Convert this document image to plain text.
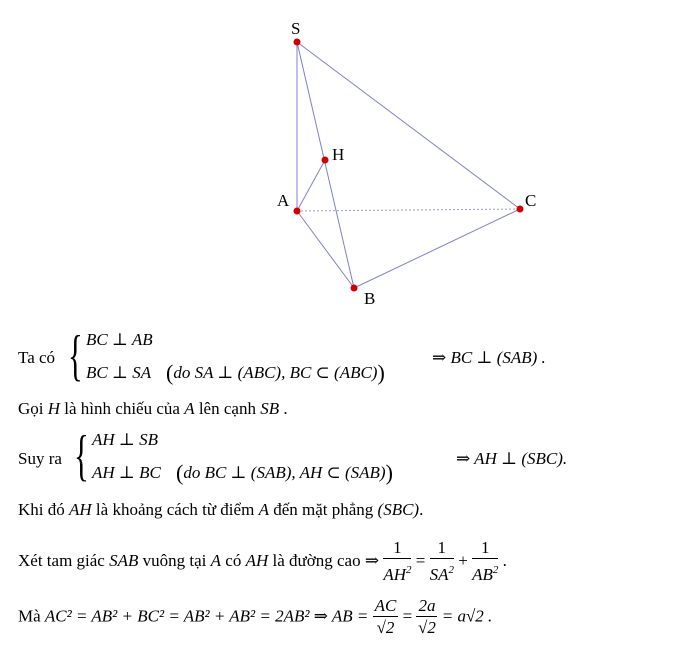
S
H
A	C
B
Ta có { BC ⊥ AB
BC ⊥ SA (do SA ⊥ (ABC), BC ⊂ (ABC))
⇒ BC ⊥ (SAB) .
Gọi H là hình chiếu của A lên cạnh SB .
Suy ra { AH ⊥ SB
AH ⊥ BC (do BC ⊥ (SAB), AH ⊂ (SAB))
⇒ AH ⊥ (SBC).
Khi đó AH là khoảng cách từ điểm A đến mặt phẳng (SBC).
Xét tam giác SAB vuông tại A có AH là đường cao ⇒ $\frac{1}{AH^2} = \frac{1}{SA^2} + \frac{1}{AB^2}$ .
Mà AC² = AB² + BC² = AB² + AB² = 2AB² ⇒ AB = $\frac{AC}{√2} = \frac{2a}{√2} = a√2$ .
